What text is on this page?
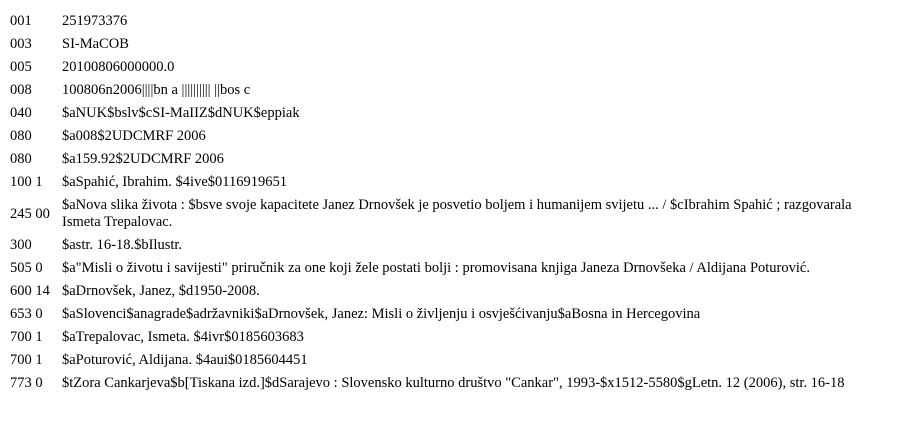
001	251973376
003	SI-MaCOB
005	20100806000000.0
008	100806n2006||||bn a |||||||||| ||bos c
040	$aNUK$bslv$cSI-MaIIZ$dNUK$eppiak
080	$a008$2UDCMRF 2006
080	$a159.92$2UDCMRF 2006
100 1	$aSpahić, Ibrahim. $4ive$0116919651
245 00	$aNova slika života : $bsve svoje kapacitete Janez Drnovšek je posvetio boljem i humanijem svijetu ... / $cIbrahim Spahić ; razgovarala Ismeta Trepalovac.
300	$astr. 16-18.$bIlustr.
505 0	$a"Misli o životu i savijesti" priručnik za one koji žele postati bolji : promovisana knjiga Janeza Drnovšeka / Aldijana Poturović.
600 14	$aDrnovšek, Janez, $d1950-2008.
653 0	$aSlovenci$anagrade$adržavniki$aDrnovšek, Janez: Misli o življenju i osvješćivanju$aBosna in Hercegovina
700 1	$aTrepalovac, Ismeta. $4ivr$0185603683
700 1	$aPoturović, Aldijana. $4aui$0185604451
773 0	$tZora Cankarjeva$b[Tiskana izd.]$dSarajevo : Slovensko kulturno društvo "Cankar", 1993-$x1512-5580$gLetn. 12 (2006), str. 16-18
